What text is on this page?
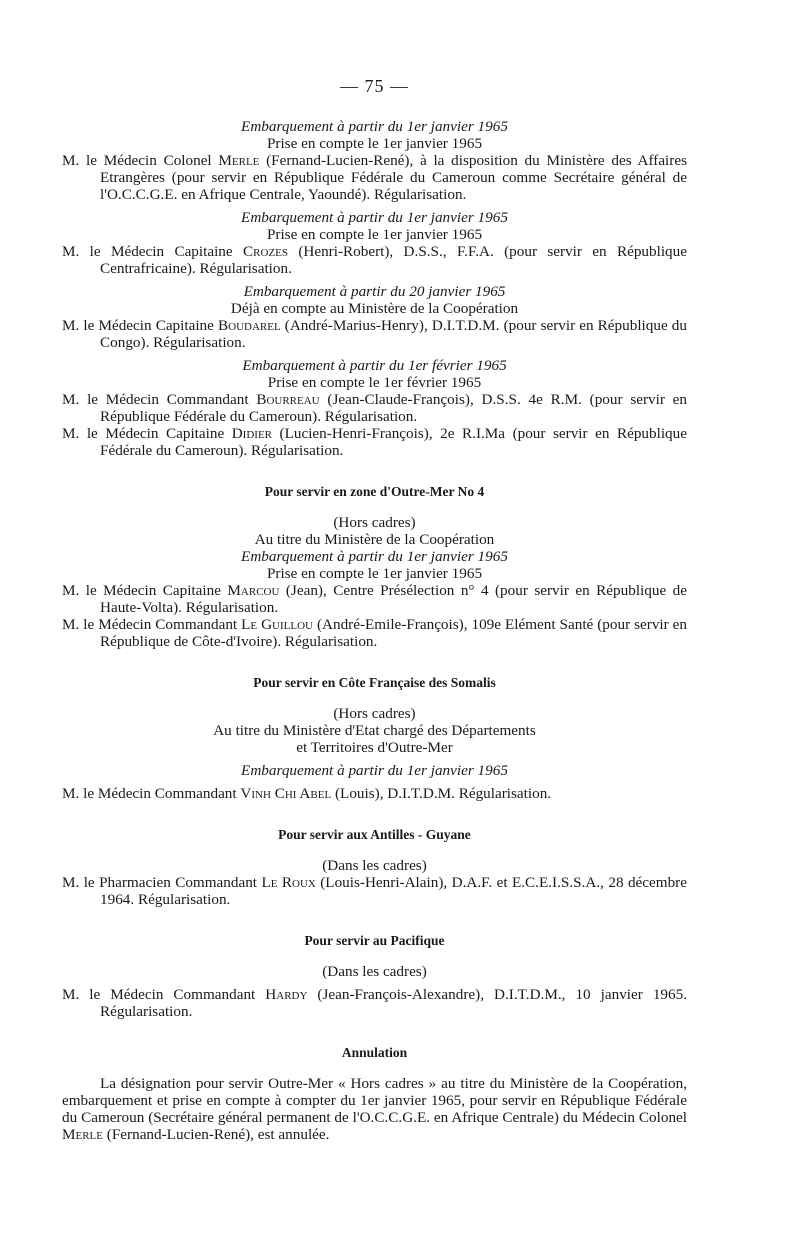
— 75 —
Embarquement à partir du 1er janvier 1965
Prise en compte le 1er janvier 1965
M. le Médecin Colonel Merle (Fernand-Lucien-René), à la disposition du Ministère des Affaires Etrangères (pour servir en République Fédérale du Cameroun comme Secrétaire général de l'O.C.C.G.E. en Afrique Centrale, Yaoundé). Régularisation.
Embarquement à partir du 1er janvier 1965
Prise en compte le 1er janvier 1965
M. le Médecin Capitaine Crozes (Henri-Robert), D.S.S., F.F.A. (pour servir en République Centrafricaine). Régularisation.
Embarquement à partir du 20 janvier 1965
Déjà en compte au Ministère de la Coopération
M. le Médecin Capitaine Boudarel (André-Marius-Henry), D.I.T.D.M. (pour servir en République du Congo). Régularisation.
Embarquement à partir du 1er février 1965
Prise en compte le 1er février 1965
M. le Médecin Commandant Bourreau (Jean-Claude-François), D.S.S. 4e R.M. (pour servir en République Fédérale du Cameroun). Régularisation.
M. le Médecin Capitaine Didier (Lucien-Henri-François), 2e R.I.Ma (pour servir en République Fédérale du Cameroun). Régularisation.
Pour servir en zone d'Outre-Mer No 4
(Hors cadres)
Au titre du Ministère de la Coopération
Embarquement à partir du 1er janvier 1965
Prise en compte le 1er janvier 1965
M. le Médecin Capitaine Marcou (Jean), Centre Présélection n° 4 (pour servir en République de Haute-Volta). Régularisation.
M. le Médecin Commandant Le Guillou (André-Emile-François), 109e Elément Santé (pour servir en République de Côte-d'Ivoire). Régularisation.
Pour servir en Côte Française des Somalis
(Hors cadres)
Au titre du Ministère d'Etat chargé des Départements
et Territoires d'Outre-Mer
Embarquement à partir du 1er janvier 1965
M. le Médecin Commandant Vinh Chi Abel (Louis), D.I.T.D.M. Régularisation.
Pour servir aux Antilles - Guyane
(Dans les cadres)
M. le Pharmacien Commandant Le Roux (Louis-Henri-Alain), D.A.F. et E.C.E.I.S.S.A., 28 décembre 1964. Régularisation.
Pour servir au Pacifique
(Dans les cadres)
M. le Médecin Commandant Hardy (Jean-François-Alexandre), D.I.T.D.M., 10 janvier 1965. Régularisation.
Annulation
La désignation pour servir Outre-Mer « Hors cadres » au titre du Ministère de la Coopération, embarquement et prise en compte à compter du 1er janvier 1965, pour servir en République Fédérale du Cameroun (Secrétaire général permanent de l'O.C.C.G.E. en Afrique Centrale) du Médecin Colonel Merle (Fernand-Lucien-René), est annulée.
